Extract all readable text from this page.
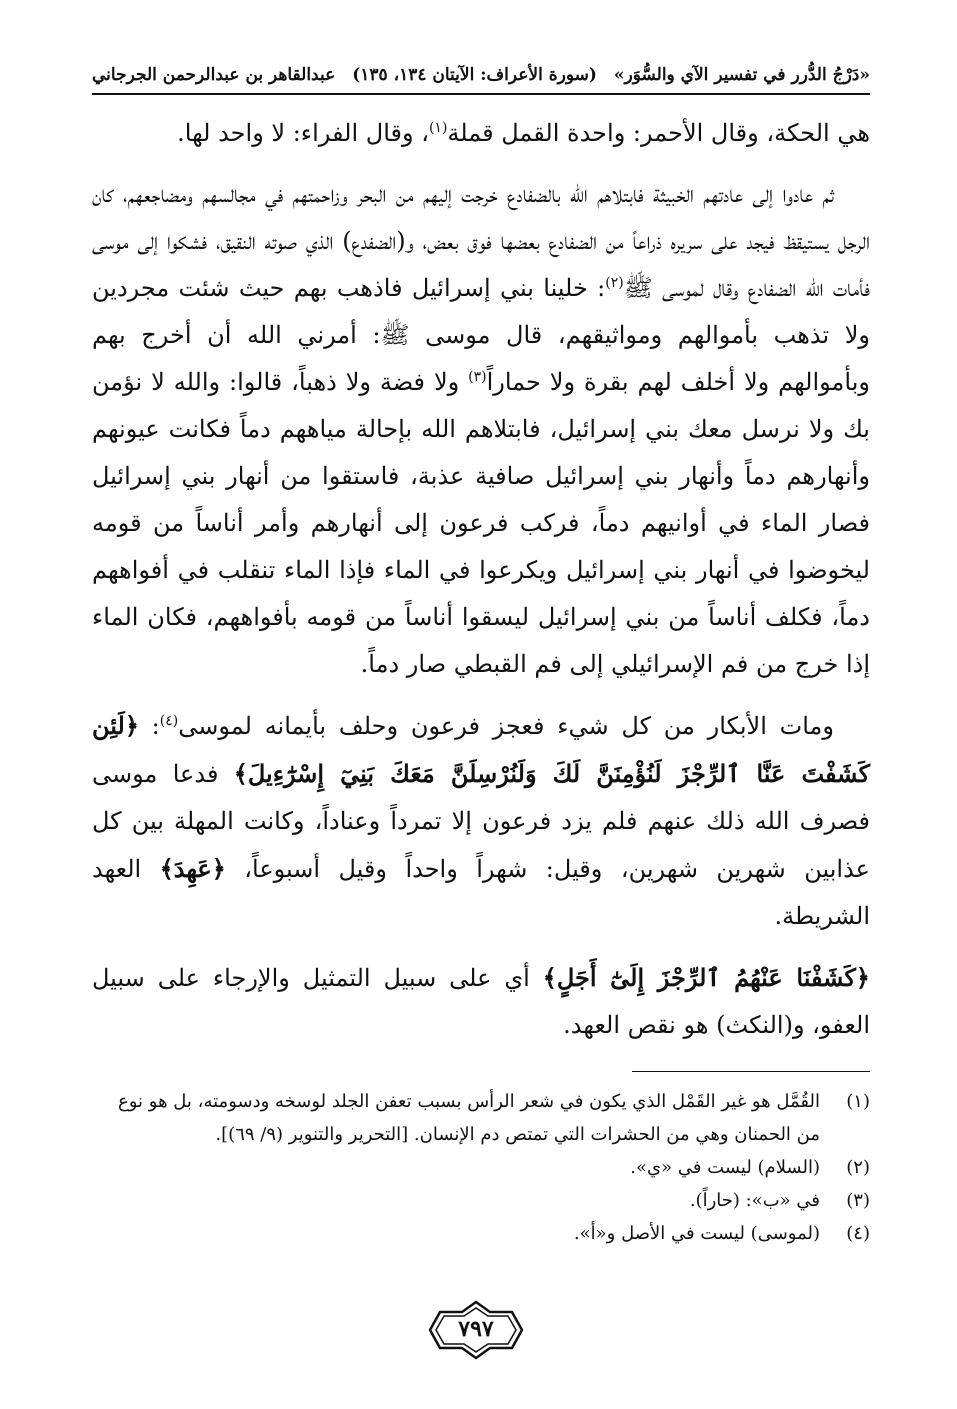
«دَرْجُ الدُّرر في تفسير الآي والسُّوَر»
(سورة الأعراف: الآيتان ١٣٤، ١٣٥)
عبدالقاهر بن عبدالرحمن الجرجاني

هي الحكة، وقال الأحمر: واحدة القمل قملة$^{(١)}$، وقال الفراء: لا واحد لها.

ثم عادوا إلى عادتهم الخبيثة فابتلاهم الله بالضفادع خرجت إليهم من البحر وزاحمتهم في مجالسهم ومضاجعهم، كان الرجل يستيقظ فيجد على سريره ذراعاً من الضفادع بعضها فوق بعض، و(الضفدع) الذي صوته النقيق، فشكوا إلى موسى فأمات الله الضفادع وقال لموسى ﷺ$^{(٢)}$: خلينا بني إسرائيل فاذهب بهم حيث شئت مجردين ولا تذهب بأموالهم ومواثيقهم، قال موسى ﷺ: أمرني الله أن أخرج بهم وبأموالهم ولا أخلف لهم بقرة ولا حماراً$^{(٣)}$ ولا فضة ولا ذهباً، قالوا: والله لا نؤمن بك ولا نرسل معك بني إسرائيل، فابتلاهم الله بإحالة مياههم دماً فكانت عيونهم وأنهارهم دماً وأنهار بني إسرائيل صافية عذبة، فاستقوا من أنهار بني إسرائيل فصار الماء في أوانيهم دماً، فركب فرعون إلى أنهارهم وأمر أناساً من قومه ليخوضوا في أنهار بني إسرائيل ويكرعوا في الماء فإذا الماء تنقلب في أفواههم دماً، فكلف أناساً من بني إسرائيل ليسقوا أناساً من قومه بأفواههم، فكان الماء إذا خرج من فم الإسرائيلي إلى فم القبطي صار دماً.

ومات الأبكار من كل شيء فعجز فرعون وحلف بأيمانه لموسى$^{(٤)}$: ﴿لَئِن كَشَفْتَ عَنَّا ٱلرِّجْزَ لَنُؤْمِنَنَّ لَكَ وَلَنُرْسِلَنَّ مَعَكَ بَنِيٓ إِسْرَٰٓءِيلَ﴾ فدعا موسى فصرف الله ذلك عنهم فلم يزد فرعون إلا تمرداً وعناداً، وكانت المهلة بين كل عذابين شهرين شهرين، وقيل: شهراً واحداً وقيل أسبوعاً، ﴿عَهِدَ﴾ العهد الشريطة.

﴿كَشَفْنَا عَنْهُمُ ٱلرِّجْزَ إِلَىٰٓ أَجَلٍ﴾ أي على سبيل التمثيل والإرجاء على سبيل العفو، و(النكث) هو نقص العهد.

(١)
القُمَّل هو غير القَمْل الذي يكون في شعر الرأس بسبب تعفن الجلد لوسخه ودسومته، بل هو نوع من الحمنان وهي من الحشرات التي تمتص دم الإنسان. [التحرير والتنوير (٩/ ٦٩)].
(٢)
(السلام) ليست في «ي».
(٣)
في «ب»: (حاراً).
(٤)
(لموسى) ليست في الأصل و«أ».
٧٩٧
